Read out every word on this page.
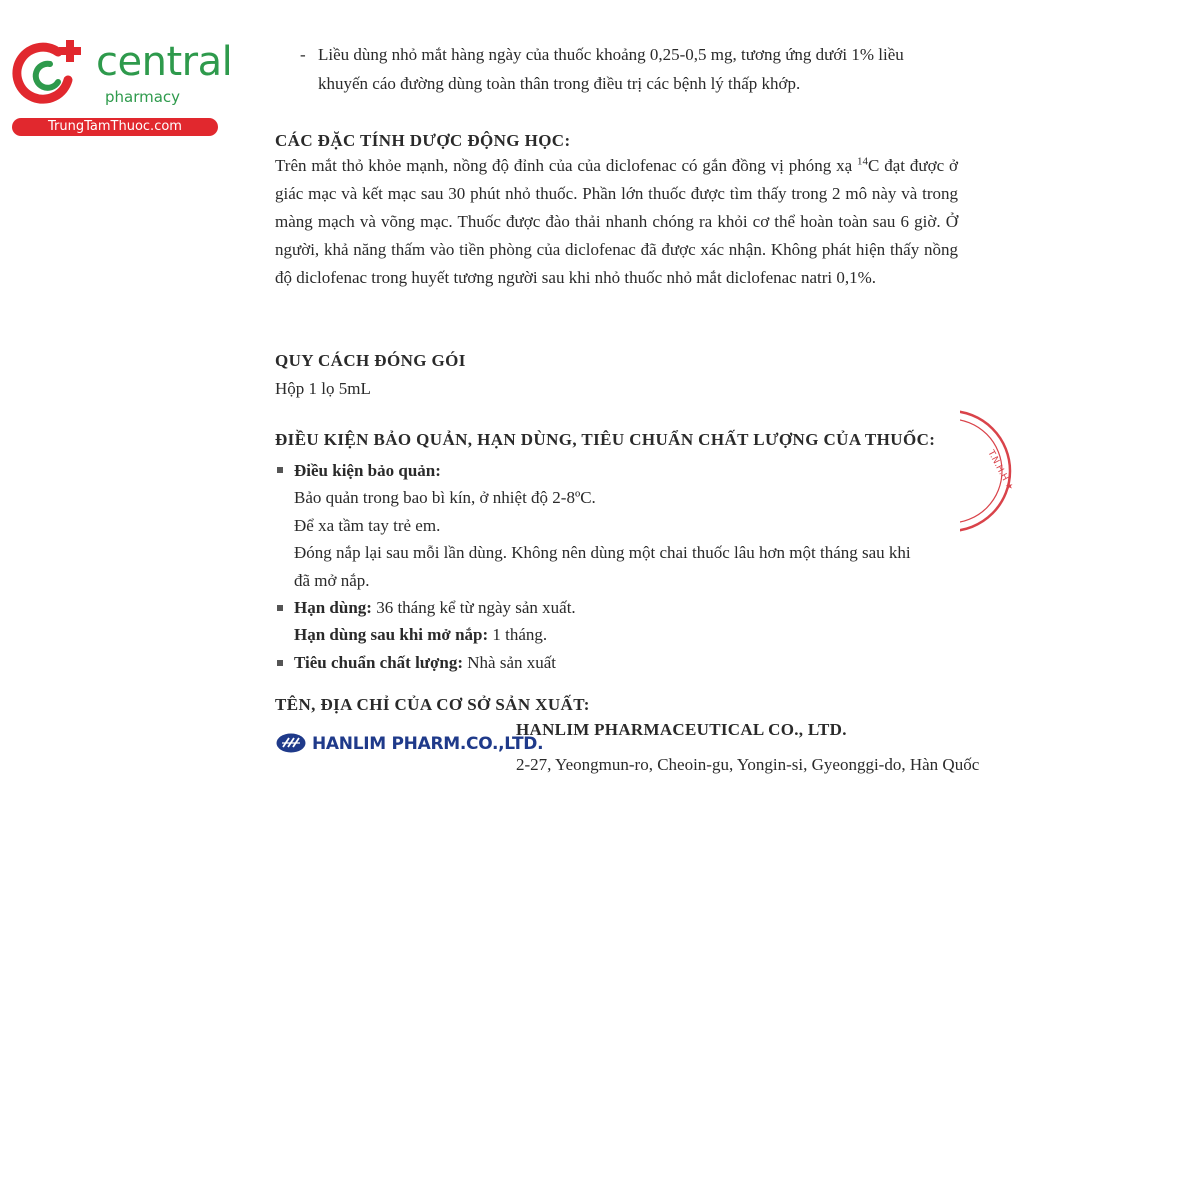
central
pharmacy
TrungTamThuoc.com
- Liều dùng nhỏ mắt hàng ngày của thuốc khoảng 0,25-0,5 mg, tương ứng dưới 1% liều
khuyến cáo đường dùng toàn thân trong điều trị các bệnh lý thấp khớp.
CÁC ĐẶC TÍNH DƯỢC ĐỘNG HỌC:

Trên mắt thỏ khỏe mạnh, nồng độ đỉnh của của diclofenac có gắn đồng vị phóng xạ $^{14}$C đạt được ở giác mạc và kết mạc sau 30 phút nhỏ thuốc. Phần lớn thuốc được tìm thấy trong 2 mô này và trong màng mạch và võng mạc. Thuốc được đào thải nhanh chóng ra khỏi cơ thể hoàn toàn sau 6 giờ. Ở người, khả năng thấm vào tiền phòng của diclofenac đã được xác nhận. Không phát hiện thấy nồng độ diclofenac trong huyết tương người sau khi nhỏ thuốc nhỏ mắt diclofenac natri 0,1%.

QUY CÁCH ĐÓNG GÓI
Hộp 1 lọ 5mL
ĐIỀU KIỆN BẢO QUẢN, HẠN DÙNG, TIÊU CHUẨN CHẤT LƯỢNG CỦA THUỐC:
Điều kiện bảo quản:
Bảo quản trong bao bì kín, ở nhiệt độ 2-8ºC.
Để xa tầm tay trẻ em.
Đóng nắp lại sau mỗi lần dùng. Không nên dùng một chai thuốc lâu hơn một tháng sau khi
đã mở nắp.
Hạn dùng: 36 tháng kể từ ngày sản xuất.
Hạn dùng sau khi mở nắp: 1 tháng.
Tiêu chuẩn chất lượng: Nhà sản xuất
T.N.H.H ★
TÊN, ĐỊA CHỈ CỦA CƠ SỞ SẢN XUẤT:
HANLIM PHARM.CO.,LTD.
HANLIM PHARMACEUTICAL CO., LTD.
2-27, Yeongmun-ro, Cheoin-gu, Yongin-si, Gyeonggi-do, Hàn Quốc
